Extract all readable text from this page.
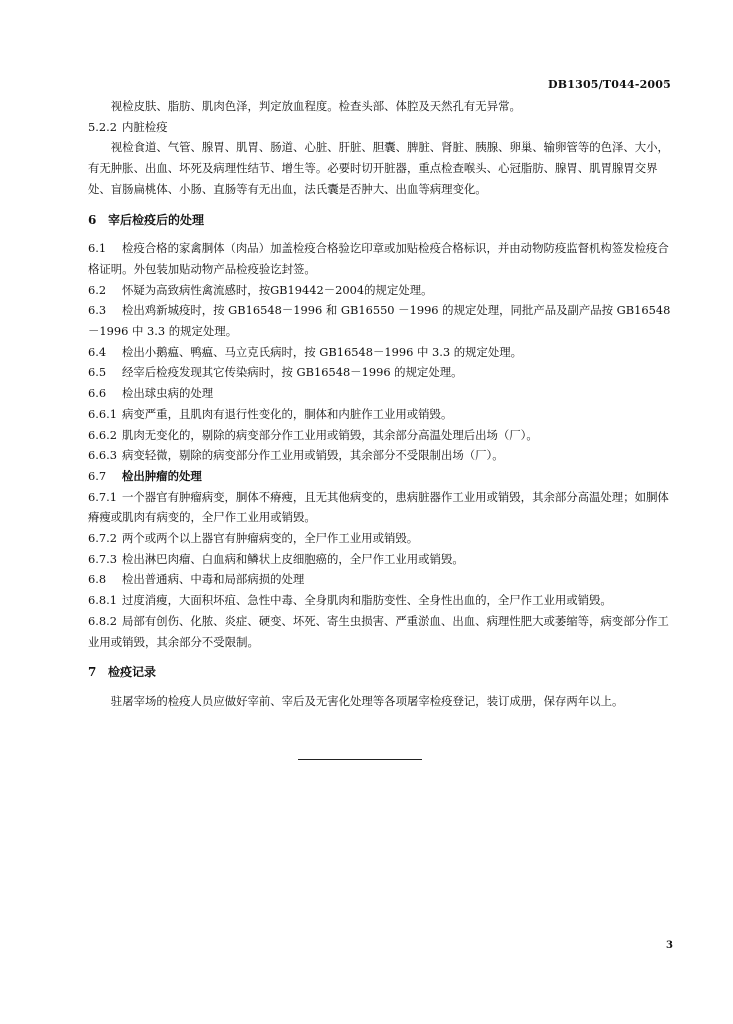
DB1305/T044-2005

视检皮肤、脂肪、肌肉色泽，判定放血程度。检查头部、体腔及天然孔有无异常。

5.2.2 内脏检疫

视检食道、气管、腺胃、肌胃、肠道、心脏、肝脏、胆囊、脾脏、肾脏、胰腺、卵巢、输卵管等的色泽、大小，有无肿胀、出血、坏死及病理性结节、增生等。必要时切开脏器，重点检查喉头、心冠脂肪、腺胃、肌胃腺胃交界处、盲肠扁桃体、小肠、直肠等有无出血，法氏囊是否肿大、出血等病理变化。

6 宰后检疫后的处理

6.1 检疫合格的家禽胴体（肉品）加盖检疫合格验讫印章或加贴检疫合格标识，并由动物防疫监督机构签发检疫合格证明。外包装加贴动物产品检疫验讫封签。

6.2 怀疑为高致病性禽流感时，按GB19442－2004的规定处理。

6.3 检出鸡新城疫时，按 GB16548－1996 和 GB16550 －1996 的规定处理，同批产品及副产品按 GB16548－1996 中 3.3 的规定处理。

6.4 检出小鹅瘟、鸭瘟、马立克氏病时，按 GB16548－1996 中 3.3 的规定处理。

6.5 经宰后检疫发现其它传染病时，按 GB16548－1996 的规定处理。

6.6 检出球虫病的处理

6.6.1 病变严重，且肌肉有退行性变化的，胴体和内脏作工业用或销毁。

6.6.2 肌肉无变化的，剔除的病变部分作工业用或销毁，其余部分高温处理后出场（厂）。

6.6.3 病变轻微，剔除的病变部分作工业用或销毁，其余部分不受限制出场（厂）。

6.7 检出肿瘤的处理

6.7.1 一个器官有肿瘤病变，胴体不瘠瘦，且无其他病变的，患病脏器作工业用或销毁，其余部分高温处理；如胴体瘠瘦或肌肉有病变的，全尸作工业用或销毁。

6.7.2 两个或两个以上器官有肿瘤病变的，全尸作工业用或销毁。

6.7.3 检出淋巴肉瘤、白血病和鳞状上皮细胞癌的，全尸作工业用或销毁。

6.8 检出普通病、中毒和局部病损的处理

6.8.1 过度消瘦，大面积坏疽、急性中毒、全身肌肉和脂肪变性、全身性出血的，全尸作工业用或销毁。

6.8.2 局部有创伤、化脓、炎症、硬变、坏死、寄生虫损害、严重淤血、出血、病理性肥大或萎缩等，病变部分作工业用或销毁，其余部分不受限制。

7 检疫记录

驻屠宰场的检疫人员应做好宰前、宰后及无害化处理等各项屠宰检疫登记，装订成册，保存两年以上。

3
